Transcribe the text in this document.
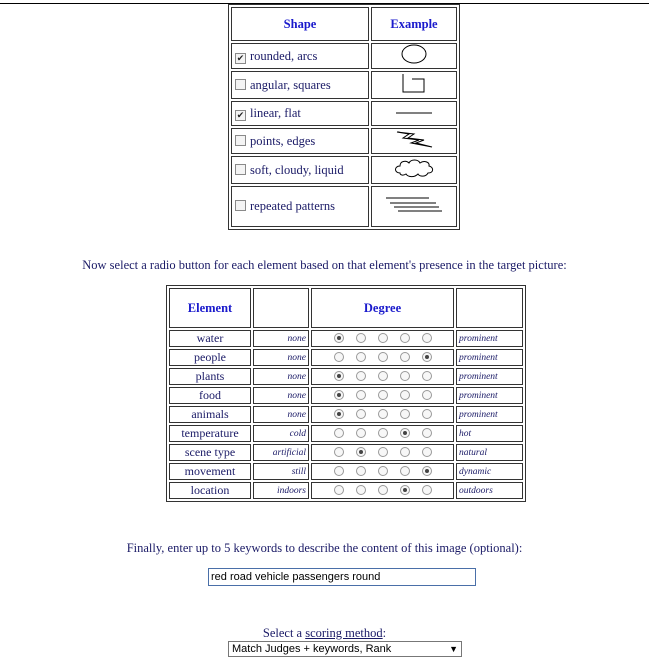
Shape	Example
✔ rounded, arcs	
angular, squares	
✔ linear, flat	
points, edges	
soft, cloudy, liquid	
repeated patterns	
Now select a radio button for each element based on that element's presence in the target picture:
Element		Degree	
water	none		prominent
people	none		prominent
plants	none		prominent
food	none		prominent
animals	none		prominent
temperature	cold		hot
scene type	artificial		natural
movement	still		dynamic
location	indoors		outdoors
Finally, enter up to 5 keywords to describe the content of this image (optional):
red road vehicle passengers round
Select a scoring method:
Match Judges + keywords, Rank	▼
